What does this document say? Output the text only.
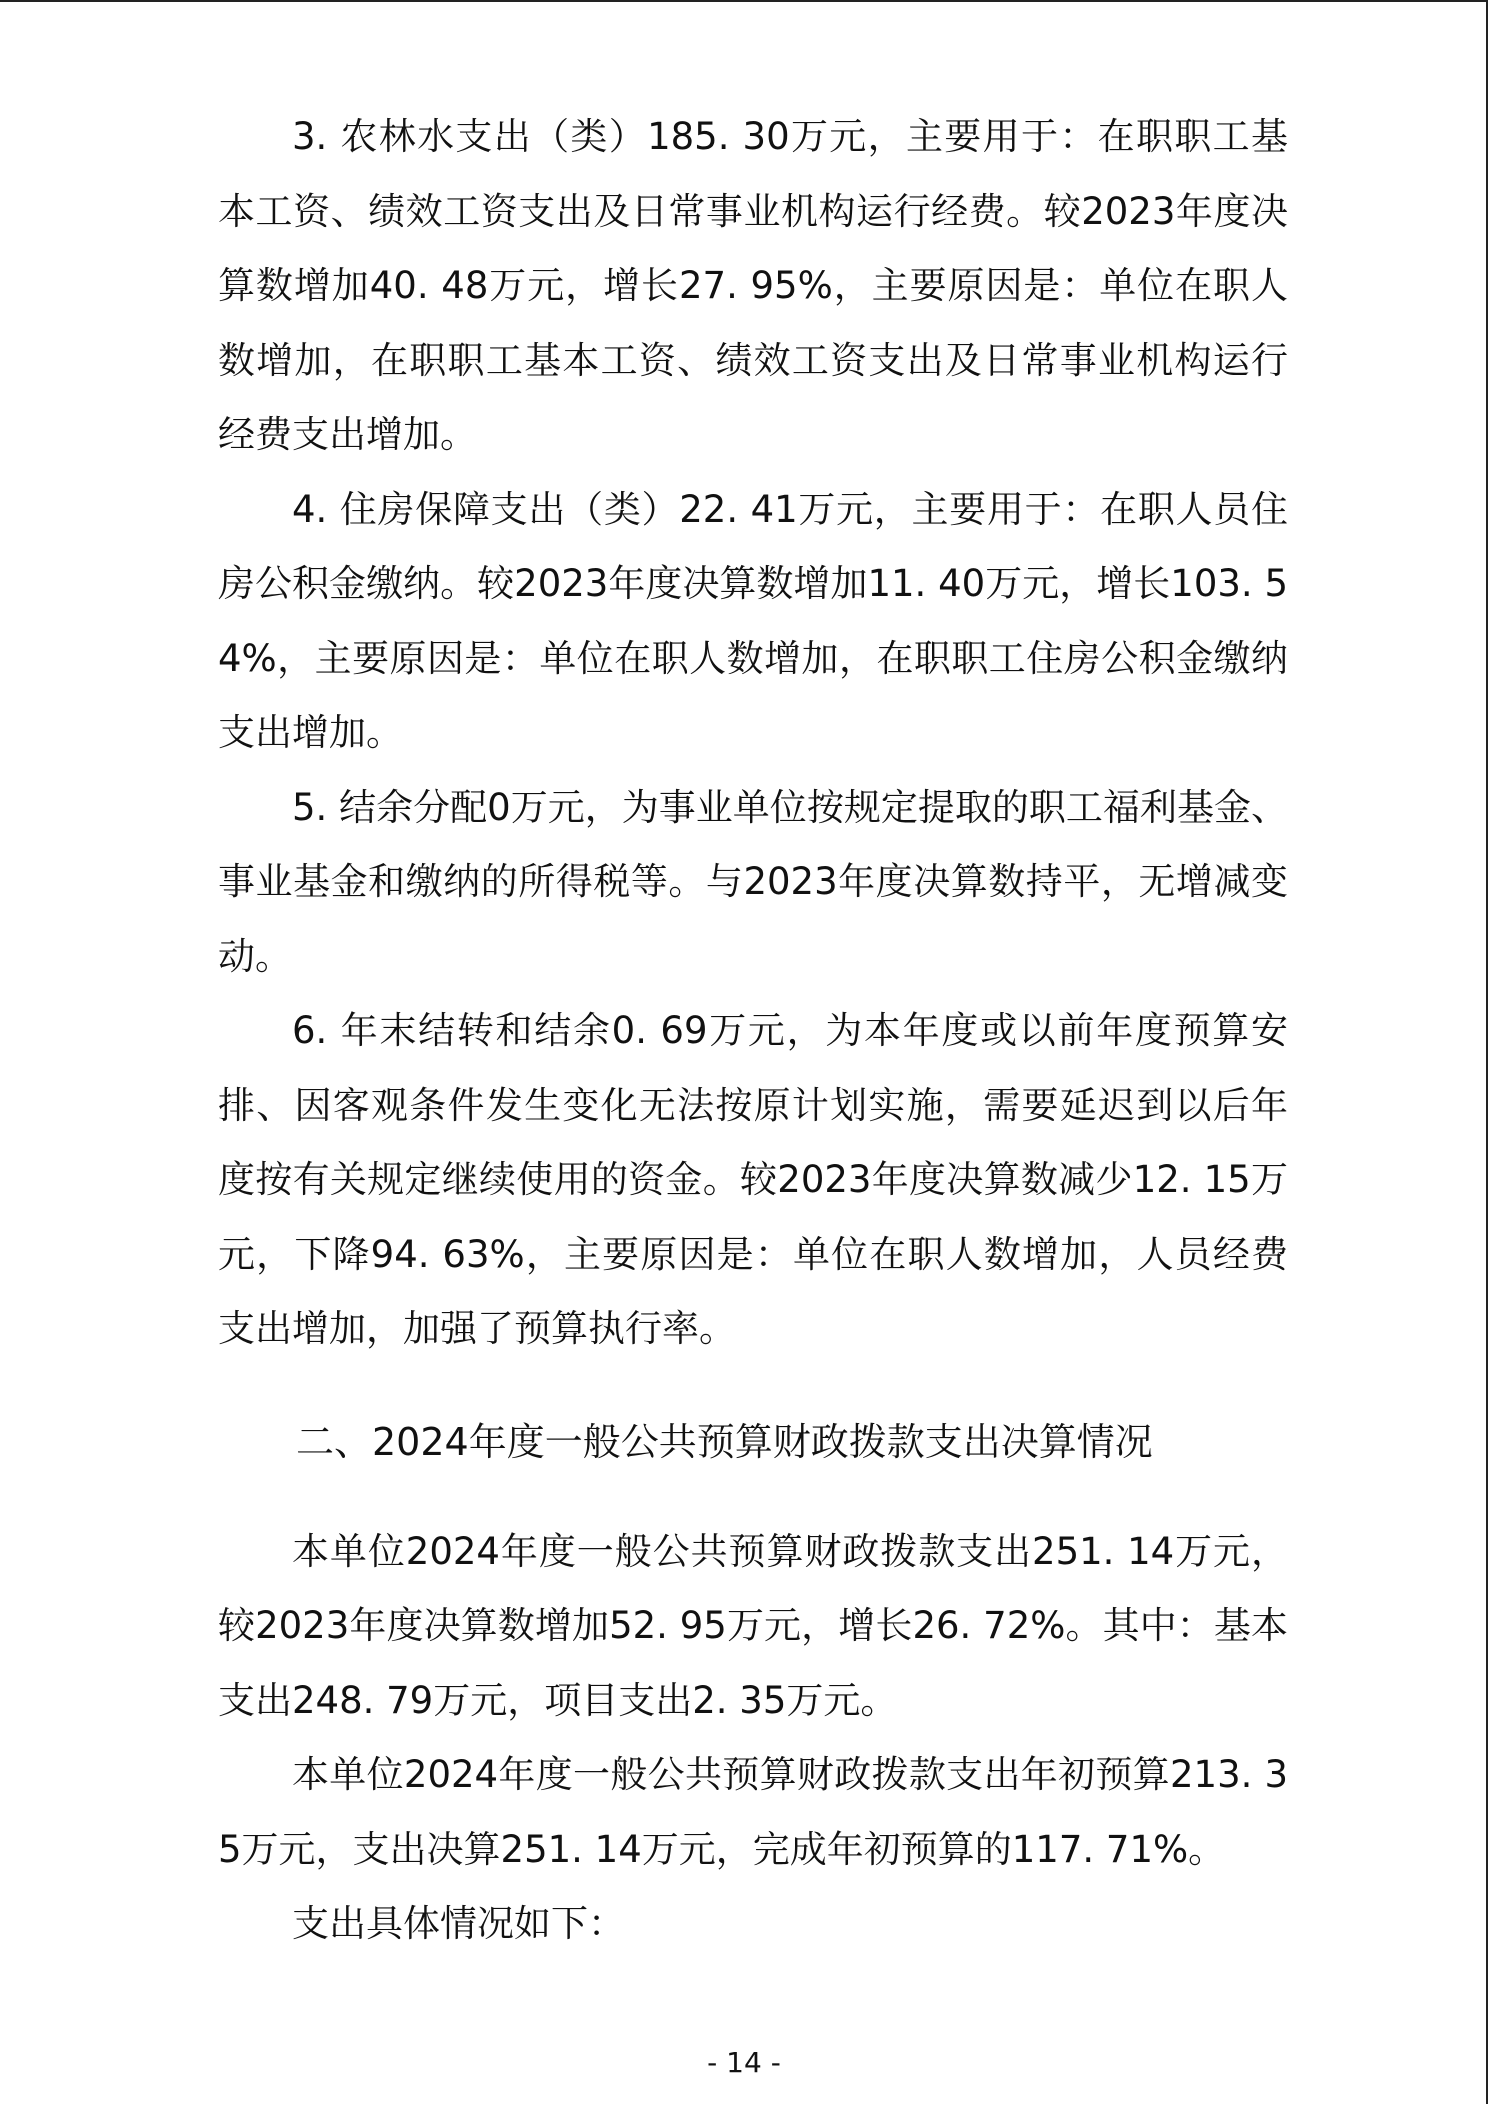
3. 农林水支出（类）185. 30万元，主要用于：在职职工基本工资、绩效工资支出及日常事业机构运行经费。较2023年度决算数增加40. 48万元，增长27. 95%，主要原因是：单位在职人数增加，在职职工基本工资、绩效工资支出及日常事业机构运行经费支出增加。

4. 住房保障支出（类）22. 41万元，主要用于：在职人员住房公积金缴纳。较2023年度决算数增加11. 40万元，增长103. 54%，主要原因是：单位在职人数增加，在职职工住房公积金缴纳支出增加。

5. 结余分配0万元，为事业单位按规定提取的职工福利基金、事业基金和缴纳的所得税等。与2023年度决算数持平，无增减变动。

6. 年末结转和结余0. 69万元，为本年度或以前年度预算安排、因客观条件发生变化无法按原计划实施，需要延迟到以后年度按有关规定继续使用的资金。较2023年度决算数减少12. 15万元，下降94. 63%，主要原因是：单位在职人数增加，人员经费支出增加，加强了预算执行率。

二、2024年度一般公共预算财政拨款支出决算情况

本单位2024年度一般公共预算财政拨款支出251. 14万元，较2023年度决算数增加52. 95万元，增长26. 72%。其中：基本支出248. 79万元，项目支出2. 35万元。

本单位2024年度一般公共预算财政拨款支出年初预算213. 35万元，支出决算251. 14万元，完成年初预算的117. 71%。

支出具体情况如下：

- 14 -
